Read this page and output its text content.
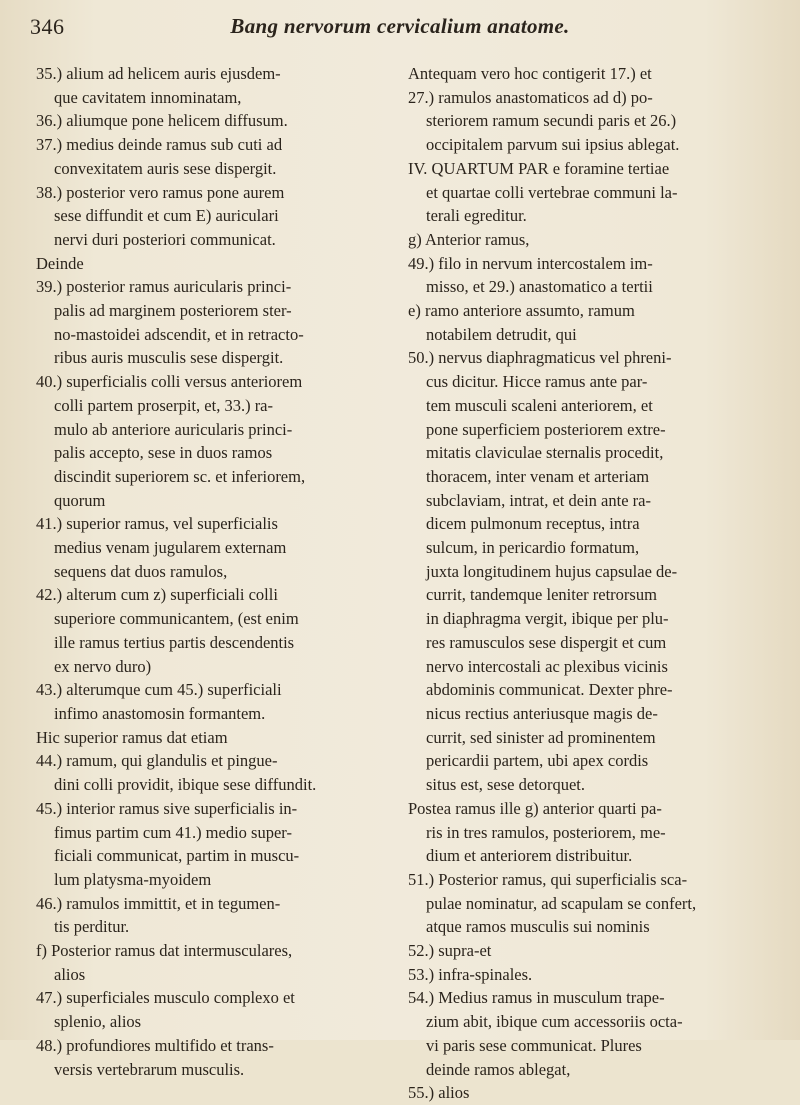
346	Bang nervorum cervicalium anatome.
35.) alium ad helicem auris ejusdem-
que cavitatem innominatam,
36.) aliumque pone helicem diffusum.
37.) medius deinde ramus sub cuti ad
convexitatem auris sese dispergit.
38.) posterior vero ramus pone aurem
sese diffundit et cum E) auriculari
nervi duri posteriori communicat.
Deinde
39.) posterior ramus auricularis princi-
palis ad marginem posteriorem ster-
no-mastoidei adscendit, et in retracto-
ribus auris musculis sese dispergit.
40.) superficialis colli versus anteriorem
colli partem proserpit, et, 33.) ra-
mulo ab anteriore auricularis princi-
palis accepto, sese in duos ramos
discindit superiorem sc. et inferiorem,
quorum
41.) superior ramus, vel superficialis
medius venam jugularem externam
sequens dat duos ramulos,
42.) alterum cum z) superficiali colli
superiore communicantem, (est enim
ille ramus tertius partis descendentis
ex nervo duro)
43.) alterumque cum 45.) superficiali
infimo anastomosin formantem.
Hic superior ramus dat etiam
44.) ramum, qui glandulis et pingue-
dini colli providit, ibique sese diffundit.
45.) interior ramus sive superficialis in-
fimus partim cum 41.) medio super-
ficiali communicat, partim in muscu-
lum platysma-myoidem
46.) ramulos immittit, et in tegumen-
tis perditur.
f) Posterior ramus dat intermusculares,
alios
47.) superficiales musculo complexo et
splenio, alios
48.) profundiores multifido et trans-
versis vertebrarum musculis.
Antequam vero hoc contigerit 17.) et
27.) ramulos anastomaticos ad d) po-
steriorem ramum secundi paris et 26.)
occipitalem parvum sui ipsius ablegat.
IV. QUARTUM PAR e foramine tertiae
et quartae colli vertebrae communi la-
terali egreditur.
g) Anterior ramus,
49.) filo in nervum intercostalem im-
misso, et 29.) anastomatico a tertii
e) ramo anteriore assumto, ramum
notabilem detrudit, qui
50.) nervus diaphragmaticus vel phreni-
cus dicitur. Hicce ramus ante par-
tem musculi scaleni anteriorem, et
pone superficiem posteriorem extre-
mitatis claviculae sternalis procedit,
thoracem, inter venam et arteriam
subclaviam, intrat, et dein ante ra-
dicem pulmonum receptus, intra
sulcum, in pericardio formatum,
juxta longitudinem hujus capsulae de-
currit, tandemque leniter retrorsum
in diaphragma vergit, ibique per plu-
res ramusculos sese dispergit et cum
nervo intercostali ac plexibus vicinis
abdominis communicat. Dexter phre-
nicus rectius anteriusque magis de-
currit, sed sinister ad prominentem
pericardii partem, ubi apex cordis
situs est, sese detorquet.
Postea ramus ille g) anterior quarti pa-
ris in tres ramulos, posteriorem, me-
dium et anteriorem distribuitur.
51.) Posterior ramus, qui superficialis sca-
pulae nominatur, ad scapulam se confert,
atque ramos musculis sui nominis
52.) supra-et
53.) infra-spinales.
54.) Medius ramus in musculum trape-
zium abit, ibique cum accessoriis octa-
vi paris sese communicat. Plures
deinde ramos ablegat,
55.) alios
